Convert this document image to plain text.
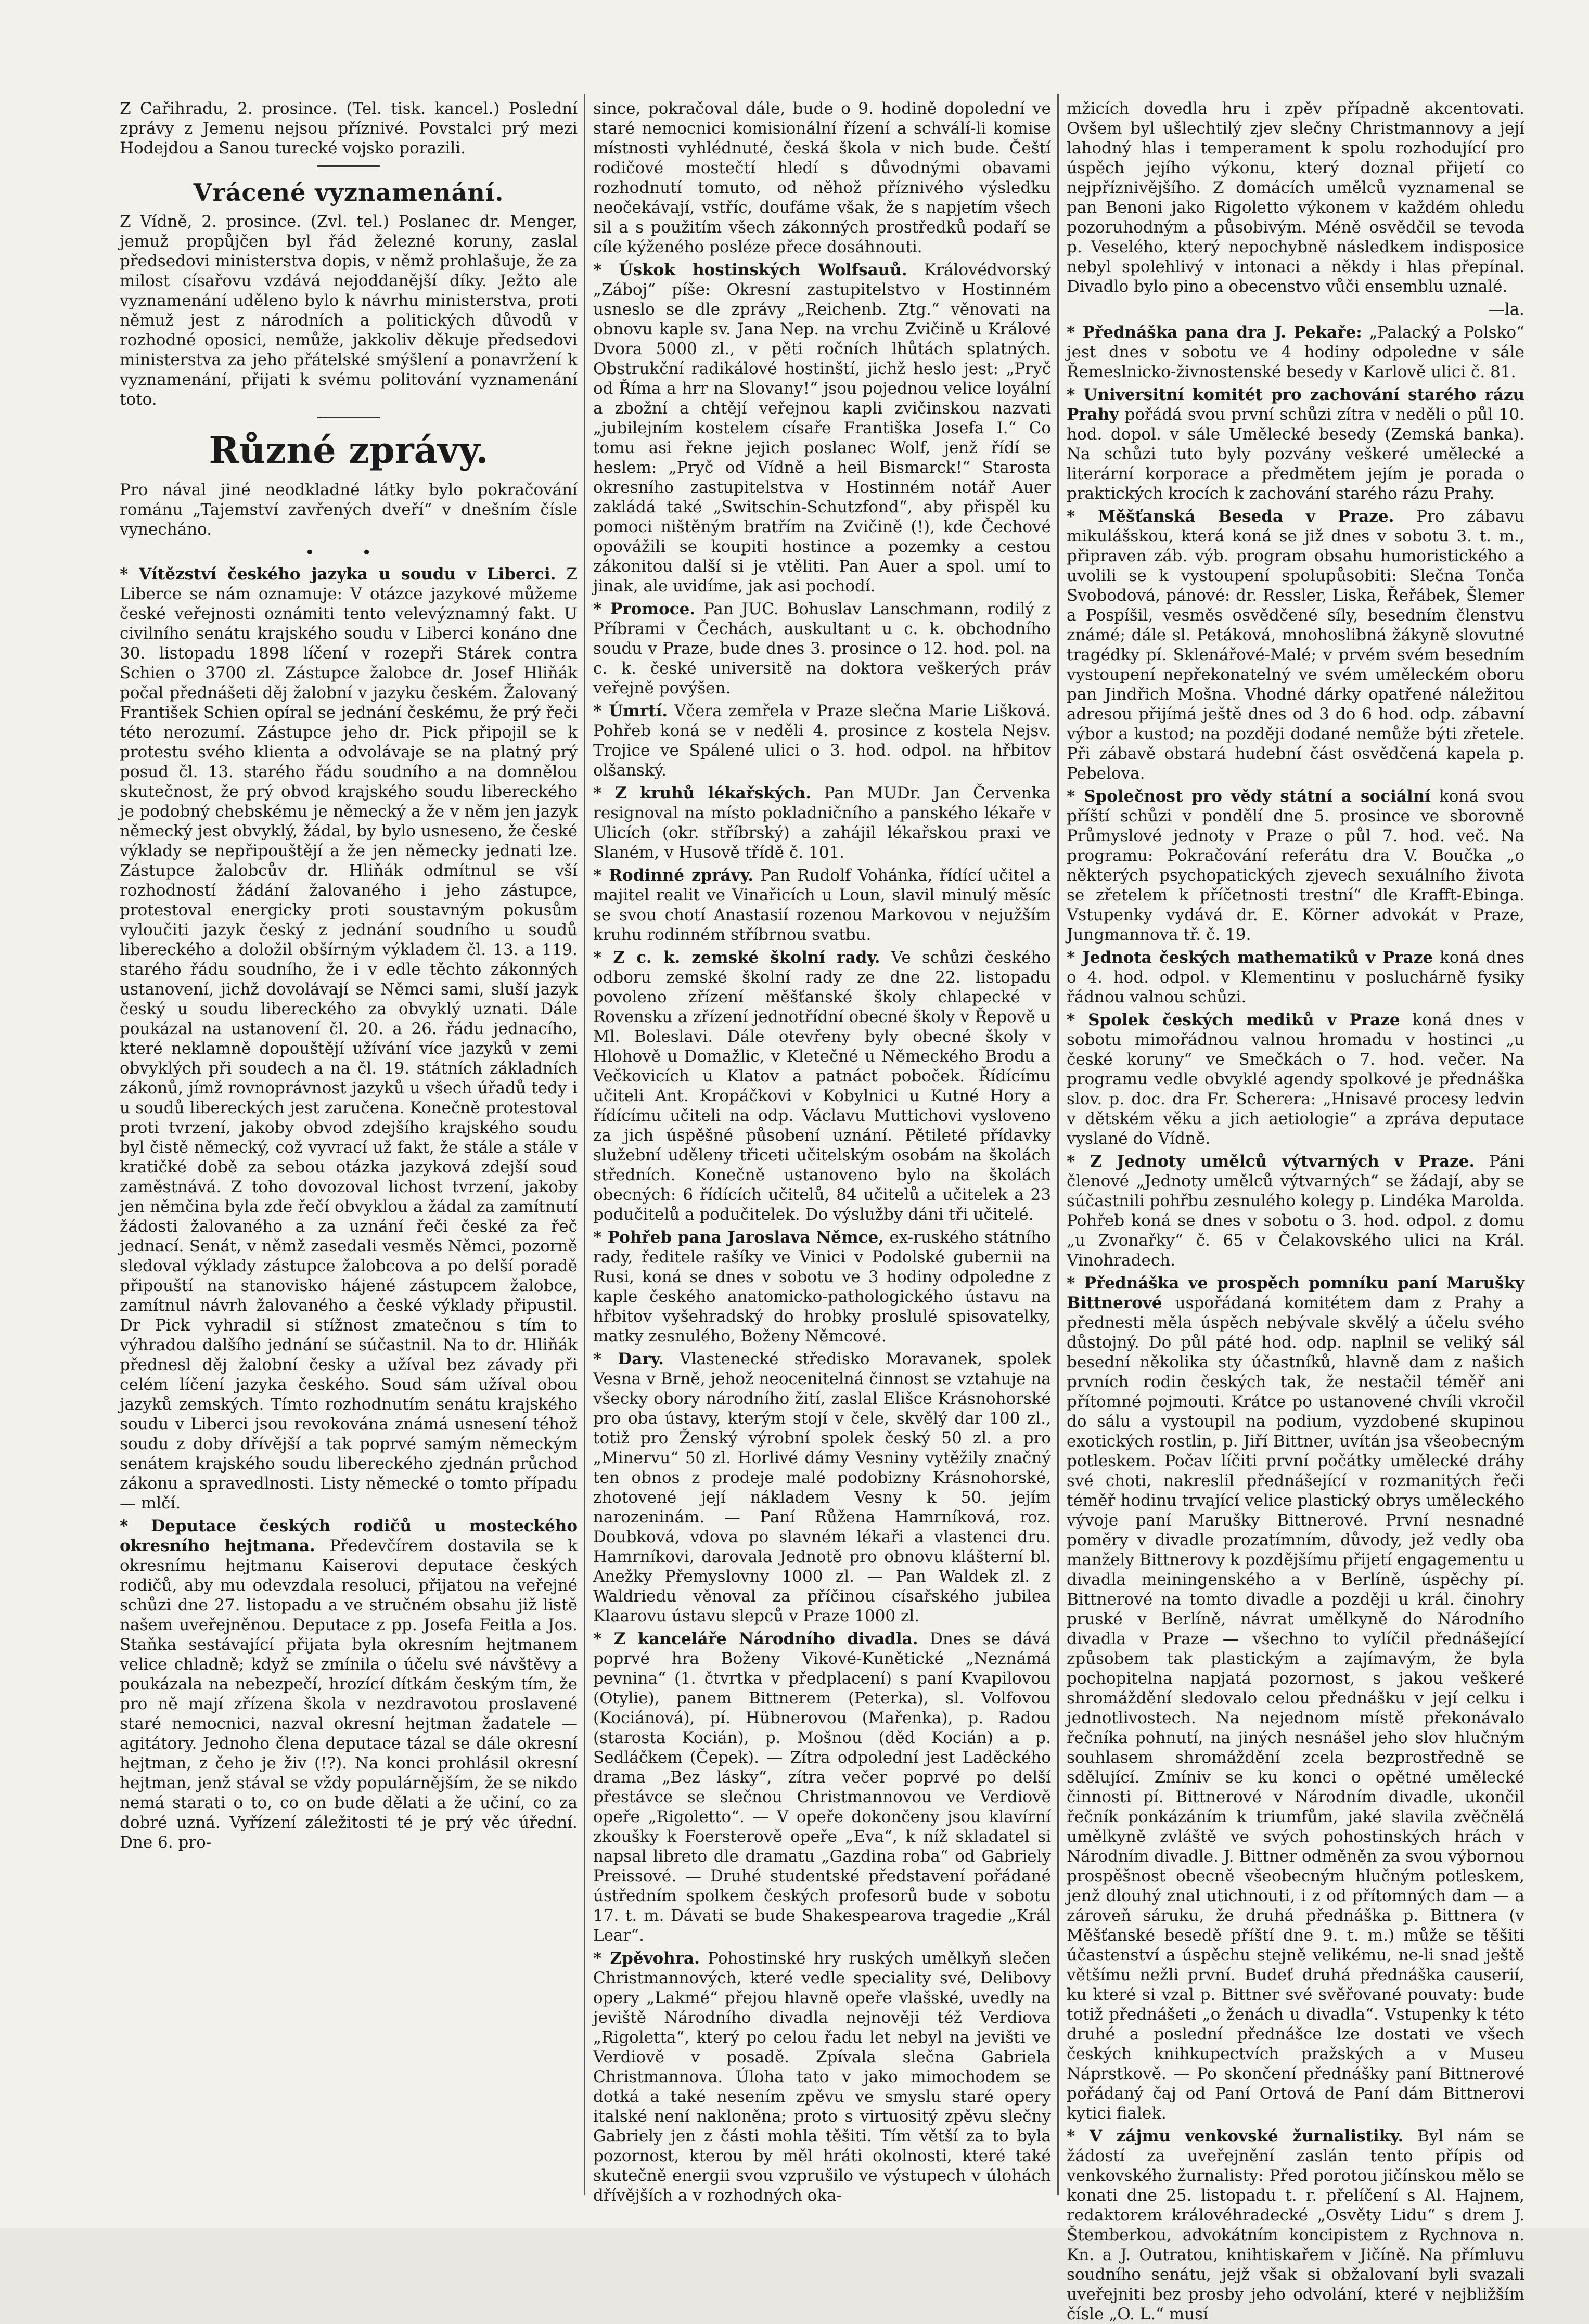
Z Cařihradu, 2. prosince. (Tel. tisk. kancel.) Poslední zprávy z Jemenu nejsou příznivé. Povstalci prý mezi Hodejdou a Sanou turecké vojsko porazili.

Vrácené vyznamenání.

Z Vídně, 2. prosince. (Zvl. tel.) Poslanec dr. Menger, jemuž propůjčen byl řád železné koruny, zaslal předsedovi ministerstva dopis, v němž prohlašuje, že za milost císařovu vzdává nejoddanější díky. Ježto ale vyznamenání uděleno bylo k návrhu ministerstva, proti němuž jest z národních a politických důvodů v rozhodné oposici, nemůže, jakkoliv děkuje předsedovi ministerstva za jeho přátelské smýšlení a ponavržení k vyznamenání, přijati k svému politování vyznamenání toto.

Různé zprávy.

Pro nával jiné neodkladné látky bylo pokračování románu „Tajemství zavřených dveří“ v dnešním čísle vynecháno.

• •

* Vítězství českého jazyka u soudu v Liberci. Z Liberce se nám oznamuje: V otázce jazykové můžeme české veřejnosti oznámiti tento velevýznamný fakt. U civilního senátu krajského soudu v Liberci konáno dne 30. listopadu 1898 líčení v rozepři Stárek contra Schien o 3700 zl. Zástupce žalobce dr. Josef Hliňák počal přednášeti děj žalobní v jazyku českém. Žalovaný František Schien opíral se jednání českému, že prý řeči této nerozumí. Zástupce jeho dr. Pick připojil se k protestu svého klienta a odvolávaje se na platný prý posud čl. 13. starého řádu soudního a na domnělou skutečnost, že prý obvod krajského soudu libereckého je podobný chebskému je německý a že v něm jen jazyk německý jest obvyklý, žádal, by bylo usneseno, že české výklady se nepřipouštějí a že jen německy jednati lze. Zástupce žalobcův dr. Hliňák odmítnul se vší rozhodností žádání žalovaného i jeho zástupce, protestoval energicky proti soustavným pokusům vyloučiti jazyk český z jednání soudního u soudů libereckého a doložil obšírným výkladem čl. 13. a 119. starého řádu soudního, že i v edle těchto zákonných ustanovení, jichž dovolávají se Němci sami, sluší jazyk český u soudu libereckého za obvyklý uznati. Dále poukázal na ustanovení čl. 20. a 26. řádu jednacího, které neklamně dopouštějí užívání více jazyků v zemi obvyklých při soudech a na čl. 19. státních základních zákonů, jímž rovnoprávnost jazyků u všech úřadů tedy i u soudů libereckých jest zaručena. Konečně protestoval proti tvrzení, jakoby obvod zdejšího krajského soudu byl čistě německý, což vyvrací už fakt, že stále a stále v kratičké době za sebou otázka jazyková zdejší soud zaměstnává. Z toho dovozoval lichost tvrzení, jakoby jen němčina byla zde řečí obvyklou a žádal za zamítnutí žádosti žalovaného a za uznání řeči české za řeč jednací. Senát, v němž zasedali vesměs Němci, pozorně sledoval výklady zástupce žalobcova a po delší poradě připouští na stanovisko hájené zástupcem žalobce, zamítnul návrh žalovaného a české výklady připustil. Dr Pick vyhradil si stížnost zmatečnou s tím to výhradou dalšího jednání se súčastnil. Na to dr. Hliňák přednesl děj žalobní česky a užíval bez závady při celém líčení jazyka českého. Soud sám užíval obou jazyků zemských. Tímto rozhodnutím senátu krajského soudu v Liberci jsou revokována známá usnesení téhož soudu z doby dřívější a tak poprvé samým německým senátem krajského soudu libereckého zjednán průchod zákonu a spravedlnosti. Listy německé o tomto případu — mlčí.

* Deputace českých rodičů u mosteckého okresního hejtmana. Předevčírem dostavila se k okresnímu hejtmanu Kaiserovi deputace českých rodičů, aby mu odevzdala resoluci, přijatou na veřejné schůzi dne 27. listopadu a ve stručném obsahu již listě našem uveřejněnou. Deputace z pp. Josefa Feitla a Jos. Staňka sestávající přijata byla okresním hejtmanem velice chladně; když se zmínila o účelu své návštěvy a poukázala na nebezpečí, hrozící dítkám českým tím, že pro ně mají zřízena škola v nezdravotou proslavené staré nemocnici, nazval okresní hejtman žadatele — agitátory. Jednoho člena deputace tázal se dále okresní hejtman, z čeho je živ (!?). Na konci prohlásil okresní hejtman, jenž stával se vždy populárnějším, že se nikdo nemá starati o to, co on bude dělati a že učiní, co za dobré uzná. Vyřízení záležitosti té je prý věc úřední. Dne 6. pro-

since, pokračoval dále, bude o 9. hodině dopolední ve staré nemocnici komisionální řízení a schválí-li komise místnosti vyhlédnuté, česká škola v nich bude. Čeští rodičové mostečtí hledí s důvodnými obavami rozhodnutí tomuto, od něhož příznivého výsledku neočekávají, vstříc, doufáme však, že s napjetím všech sil a s použitím všech zákonných prostředků podaří se cíle kýženého posléze přece dosáhnouti.

* Úskok hostinských Wolfsauů. Královédvorský „Záboj“ píše: Okresní zastupitelstvo v Hostinném usneslo se dle zprávy „Reichenb. Ztg.“ věnovati na obnovu kaple sv. Jana Nep. na vrchu Zvičině u Králové Dvora 5000 zl., v pěti ročních lhůtách splatných. Obstrukční radikálové hostinští, jichž heslo jest: „Pryč od Říma a hrr na Slovany!“ jsou pojednou velice loyální a zbožní a chtějí veřejnou kapli zvičinskou nazvati „jubilejním kostelem císaře Františka Josefa I.“ Co tomu asi řekne jejich poslanec Wolf, jenž řídí se heslem: „Pryč od Vídně a heil Bismarck!“ Starosta okresního zastupitelstva v Hostinném notář Auer zakládá také „Switschin-Schutzfond“, aby přispěl ku pomoci ništěným bratřím na Zvičině (!), kde Čechové opovážili se koupiti hostince a pozemky a cestou zákonitou další si je vtěliti. Pan Auer a spol. umí to jinak, ale uvidíme, jak asi pochodí.

* Promoce. Pan JUC. Bohuslav Lanschmann, rodilý z Příbrami v Čechách, auskultant u c. k. obchodního soudu v Praze, bude dnes 3. prosince o 12. hod. pol. na c. k. české universitě na doktora veškerých práv veřejně povýšen.

* Úmrtí. Včera zemřela v Praze slečna Marie Lišková. Pohřeb koná se v neděli 4. prosince z kostela Nejsv. Trojice ve Spálené ulici o 3. hod. odpol. na hřbitov olšanský.

* Z kruhů lékařských. Pan MUDr. Jan Červenka resignoval na místo pokladničního a panského lékaře v Ulicích (okr. stříbrský) a zahájil lékařskou praxi ve Slaném, v Husově třídě č. 101.

* Rodinné zprávy. Pan Rudolf Vohánka, řídící učitel a majitel realit ve Vinařicích u Loun, slavil minulý měsíc se svou chotí Anastasií rozenou Markovou v nejužším kruhu rodinném stříbrnou svatbu.

* Z c. k. zemské školní rady. Ve schůzi českého odboru zemské školní rady ze dne 22. listopadu povoleno zřízení měšťanské školy chlapecké v Rovensku a zřízení jednotřídní obecné školy v Řepově u Ml. Boleslavi. Dále otevřeny byly obecné školy v Hlohově u Domažlic, v Kletečné u Německého Brodu a Večkovicích u Klatov a patnáct poboček. Řídícímu učiteli Ant. Kropáčkovi v Kobylnici u Kutné Hory a řídícímu učiteli na odp. Václavu Muttichovi vysloveno za jich úspěšné působení uznání. Pětileté přídavky služební uděleny třiceti učitelským osobám na školách středních. Konečně ustanoveno bylo na školách obecných: 6 řídících učitelů, 84 učitelů a učitelek a 23 podučitelů a podučitelek. Do výslužby dáni tři učitelé.

* Pohřeb pana Jaroslava Němce, ex-ruského státního rady, ředitele rašíky ve Vinici v Podolské gubernii na Rusi, koná se dnes v sobotu ve 3 hodiny odpoledne z kaple českého anatomicko-pathologického ústavu na hřbitov vyšehradský do hrobky proslulé spisovatelky, matky zesnulého, Boženy Němcové.

* Dary. Vlastenecké středisko Moravanek, spolek Vesna v Brně, jehož neocenitelná činnost se vztahuje na všecky obory národního žití, zaslal Elišce Krásnohorské pro oba ústavy, kterým stojí v čele, skvělý dar 100 zl., totiž pro Ženský výrobní spolek český 50 zl. a pro „Minervu“ 50 zl. Horlivé dámy Vesniny vytěžily značný ten obnos z prodeje malé podobizny Krásnohorské, zhotovené její nákladem Vesny k 50. jejím narozeninám. — Paní Růžena Hamrníková, roz. Doubková, vdova po slavném lékaři a vlastenci dru. Hamrníkovi, darovala Jednotě pro obnovu klášterní bl. Anežky Přemyslovny 1000 zl. — Pan Waldek zl. z Waldriedu věnoval za příčinou císařského jubilea Klaarovu ústavu slepců v Praze 1000 zl.

* Z kanceláře Národního divadla. Dnes se dává poprvé hra Boženy Vikové-Kunětické „Neznámá pevnina“ (1. čtvrtka v předplacení) s paní Kvapilovou (Otylie), panem Bittnerem (Peterka), sl. Volfovou (Kociánová), pí. Hübnerovou (Mařenka), p. Radou (starosta Kocián), p. Mošnou (děd Kocián) a p. Sedláčkem (Čepek). — Zítra odpolední jest Laděckého drama „Bez lásky“, zítra večer poprvé po delší přestávce se slečnou Christmannovou ve Verdiově opeře „Rigoletto“. — V opeře dokončeny jsou klavírní zkoušky k Foersterově opeře „Eva“, k níž skladatel si napsal libreto dle dramatu „Gazdina roba“ od Gabriely Preissové. — Druhé studentské představení pořádané ústředním spolkem českých profesorů bude v sobotu 17. t. m. Dávati se bude Shakespearova tragedie „Král Lear“.

* Zpěvohra. Pohostinské hry ruských umělkyň slečen Christmannových, které vedle speciality své, Delibovy opery „Lakmé“ přejou hlavně opeře vlašské, uvedly na jeviště Národního divadla nejnověji též Verdiova „Rigoletta“, který po celou řadu let nebyl na jevišti ve Verdiově v posadě. Zpívala slečna Gabriela Christmannova. Úloha tato v jako mimochodem se dotká a také nesením zpěvu ve smyslu staré opery italské není nakloněna; proto s virtuositý zpěvu slečny Gabriely jen z části mohla těšiti. Tím větší za to byla pozornost, kterou by měl hráti okolnosti, které také skutečně energii svou vzprušilo ve výstupech v úlohách dřívějších a v rozhodných oka-

mžicích dovedla hru i zpěv případně akcentovati. Ovšem byl ušlechtilý zjev slečny Christmannovy a její lahodný hlas i temperament k spolu rozhodující pro úspěch jejího výkonu, který doznal přijetí co nejpříznivějšího. Z domácích umělců vyznamenal se pan Benoni jako Rigoletto výkonem v každém ohledu pozoruhodným a působivým. Méně osvědčil se tevoda p. Veselého, který nepochybně následkem indisposice nebyl spolehlivý v intonaci a někdy i hlas přepínal. Divadlo bylo pino a obecenstvo vůči ensemblu uznalé.

—la.

* Přednáška pana dra J. Pekaře: „Palacký a Polsko“ jest dnes v sobotu ve 4 hodiny odpoledne v sále Řemeslnicko-živnostenské besedy v Karlově ulici č. 81.

* Universitní komitét pro zachování starého rázu Prahy pořádá svou první schůzi zítra v neděli o půl 10. hod. dopol. v sále Umělecké besedy (Zemská banka). Na schůzi tuto byly pozvány veškeré umělecké a literární korporace a předmětem jejím je porada o praktických krocích k zachování starého rázu Prahy.

* Měšťanská Beseda v Praze. Pro zábavu mikulášskou, která koná se již dnes v sobotu 3. t. m., připraven záb. výb. program obsahu humoristického a uvolili se k vystoupení spolupůsobiti: Slečna Tonča Svobodová, pánové: dr. Ressler, Liska, Řeřábek, Šlemer a Pospíšil, vesměs osvědčené síly, besedním členstvu známé; dále sl. Petáková, mnohoslibná žákyně slovutné tragédky pí. Sklenářové-Malé; v prvém svém besedním vystoupení nepřekonatelný ve svém uměleckém oboru pan Jindřich Mošna. Vhodné dárky opatřené náležitou adresou přijímá ještě dnes od 3 do 6 hod. odp. zábavní výbor a kustod; na později dodané nemůže býti zřetele. Při zábavě obstará hudební část osvědčená kapela p. Pebelova.

* Společnost pro vědy státní a sociální koná svou příští schůzi v pondělí dne 5. prosince ve sborovně Průmyslové jednoty v Praze o půl 7. hod. več. Na programu: Pokračování referátu dra V. Boučka „o některých psychopatických zjevech sexuálního života se zřetelem k příčetnosti trestní“ dle Krafft-Ebinga. Vstupenky vydává dr. E. Körner advokát v Praze, Jungmannova tř. č. 19.

* Jednota českých mathematiků v Praze koná dnes o 4. hod. odpol. v Klementinu v posluchárně fysiky řádnou valnou schůzi.

* Spolek českých mediků v Praze koná dnes v sobotu mimořádnou valnou hromadu v hostinci „u české koruny“ ve Smečkách o 7. hod. večer. Na programu vedle obvyklé agendy spolkové je přednáška slov. p. doc. dra Fr. Scherera: „Hnisavé procesy ledvin v dětském věku a jich aetiologie“ a zpráva deputace vyslané do Vídně.

* Z Jednoty umělců výtvarných v Praze. Páni členové „Jednoty umělců výtvarných“ se žádají, aby se súčastnili pohřbu zesnulého kolegy p. Lindéka Marolda. Pohřeb koná se dnes v sobotu o 3. hod. odpol. z domu „u Zvonařky“ č. 65 v Čelakovského ulici na Král. Vinohradech.

* Přednáška ve prospěch pomníku paní Marušky Bittnerové uspořádaná komitétem dam z Prahy a přednesti měla úspěch nebývale skvělý a účelu svého důstojný. Do půl páté hod. odp. naplnil se veliký sál besední několika sty účastníků, hlavně dam z našich prvních rodin českých tak, že nestačil téměř ani přítomné pojmouti. Krátce po ustanovené chvíli vkročil do sálu a vystoupil na podium, vyzdobené skupinou exotických rostlin, p. Jiří Bittner, uvítán jsa všeobecným potleskem. Počav líčiti první počátky umělecké dráhy své choti, nakreslil přednášející v rozmanitých řeči téměř hodinu trvající velice plastický obrys uměleckého vývoje paní Marušky Bittnerové. První nesnadné poměry v divadle prozatímním, důvody, jež vedly oba manžely Bittnerovy k pozdějšímu přijetí engagementu u divadla meiningenského a v Berlíně, úspěchy pí. Bittnerové na tomto divadle a později u král. činohry pruské v Berlíně, návrat umělkyně do Národního divadla v Praze — všechno to vylíčil přednášející způsobem tak plastickým a zajímavým, že byla pochopitelna napjatá pozornost, s jakou veškeré shromáždění sledovalo celou přednášku v její celku i jednotlivostech. Na nejednom místě překonávalo řečníka pohnutí, na jiných nesnášel jeho slov hlučným souhlasem shromáždění zcela bezprostředně se sdělující. Zmíniv se ku konci o opětné umělecké činnosti pí. Bittnerové v Národním divadle, ukončil řečník ponkázáním k triumfům, jaké slavila zvěčnělá umělkyně zvláště ve svých pohostinských hrách v Národním divadle. J. Bittner odměněn za svou výbornou prospěšnost obecně všeobecným hlučným potleskem, jenž dlouhý znal utichnouti, i z od přítomných dam — a zároveň sáruku, že druhá přednáška p. Bittnera (v Měšťanské besedě příští dne 9. t. m.) může se těšiti účastenství a úspěchu stejně velikému, ne-li snad ještě většímu nežli první. Budeť druhá přednáška causerií, ku které si vzal p. Bittner své svěřované pouvaty: bude totiž přednášeti „o ženách u divadla“. Vstupenky k této druhé a poslední přednášce lze dostati ve všech českých knihkupectvích pražských a v Museu Náprstkově. — Po skončení přednášky paní Bittnerové pořádaný čaj od Paní Ortová de Paní dám Bittnerovi kytici fialek.

* V zájmu venkovské žurnalistiky. Byl nám se žádostí za uveřejnění zaslán tento přípis od venkovského žurnalisty: Před porotou jičínskou mělo se konati dne 25. listopadu t. r. přelíčení s Al. Hajnem, redaktorem královéhradecké „Osvěty Lidu“ s drem J. Štemberkou, advokátním koncipistem z Rychnova n. Kn. a J. Outratou, knihtiskařem v Jičíně. Na přímluvu soudního senátu, jejž však si obžalovaní byli svazali uveřejniti bez prosby jeho odvolání, které v nejbližším čísle „O. L.“ musí
